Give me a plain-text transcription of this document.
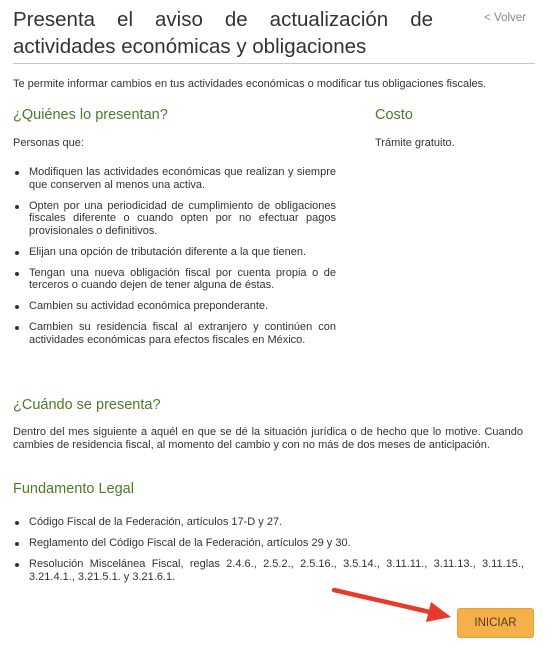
Presenta el aviso de actualización de actividades económicas y obligaciones
< Volver

Te permite informar cambios en tus actividades económicas o modificar tus obligaciones fiscales.

¿Quiénes lo presentan?

Personas que:

Modifiquen las actividades económicas que realizan y siempre que conserven al menos una activa.
Opten por una periodicidad de cumplimiento de obligaciones fiscales diferente o cuando opten por no efectuar pagos provisionales o definitivos.
Elijan una opción de tributación diferente a la que tienen.
Tengan una nueva obligación fiscal por cuenta propia o de terceros o cuando dejen de tener alguna de éstas.
Cambien su actividad económica preponderante.
Cambien su residencia fiscal al extranjero y continúen con actividades económicas para efectos fiscales en México.
Costo

Trámite gratuito.

¿Cuándo se presenta?

Dentro del mes siguiente a aquél en que se dé la situación jurídica o de hecho que lo motive. Cuando cambies de residencia fiscal, al momento del cambio y con no más de dos meses de anticipación.

Fundamento Legal
Código Fiscal de la Federación, artículos 17-D y 27.
Reglamento del Código Fiscal de la Federación, artículos 29 y 30.
Resolución Miscelánea Fiscal, reglas 2.4.6., 2.5.2., 2.5.16., 3.5.14., 3.11.11., 3.11.13., 3.11.15., 3.21.4.1., 3.21.5.1. y 3.21.6.1.
INICIAR
